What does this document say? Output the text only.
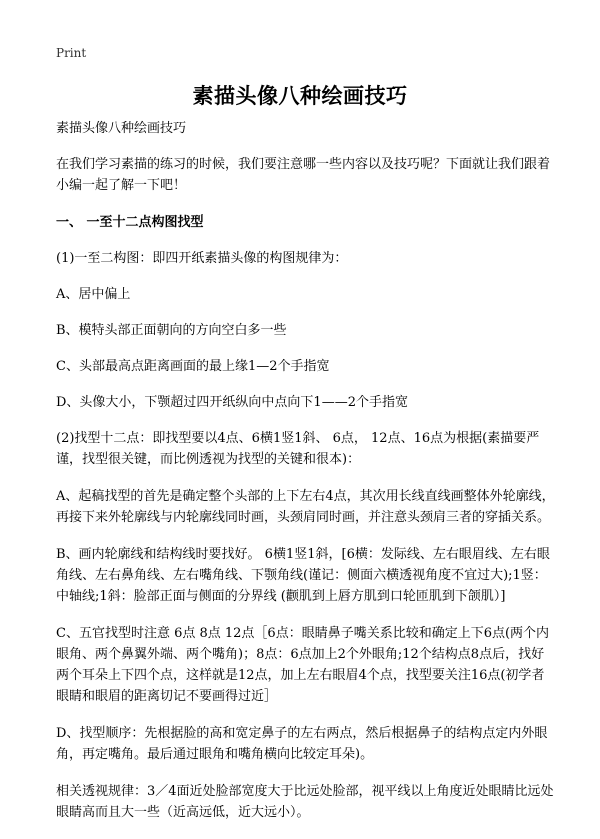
Print
素描头像八种绘画技巧

素描头像八种绘画技巧

在我们学习素描的练习的时候，我们要注意哪一些内容以及技巧呢？下面就让我们跟着小编一起了解一下吧！

一、 一至十二点构图找型

(1)一至二构图：即四开纸素描头像的构图规律为：

A、居中偏上

B、模特头部正面朝向的方向空白多一些

C、头部最高点距离画面的最上缘1—2个手指宽

D、头像大小，下颚超过四开纸纵向中点向下1——2个手指宽

(2)找型十二点：即找型要以4点、6横1竖1斜、 6点， 12点、16点为根据(素描要严谨，找型很关键，而比例透视为找型的关键和很本)：

A、起稿找型的首先是确定整个头部的上下左右4点，其次用长线直线画整体外轮廓线，再接下来外轮廓线与内轮廓线同时画，头颈肩同时画，并注意头颈肩三者的穿插关系。

B、画内轮廓线和结构线时要找好。 6横1竖1斜，[6横：发际线、左右眼眉线、左右眼角线、左右鼻角线、左右嘴角线、下颚角线(谨记：侧面六横透视角度不宜过大);1竖：中轴线;1斜：脸部正面与侧面的分界线 (颧肌到上唇方肌到口轮匝肌到下颌肌）]

C、五官找型时注意 6点 8点 12点［6点：眼睛鼻子嘴关系比较和确定上下6点(两个内眼角、两个鼻翼外端、两个嘴角)；8点：6点加上2个外眼角;12个结构点8点后，找好两个耳朵上下四个点，这样就是12点，加上左右眼眉4个点，找型要关注16点(初学者眼睛和眼眉的距离切记不要画得过近］

D、找型顺序：先根据脸的高和宽定鼻子的左右两点，然后根据鼻子的结构点定内外眼角，再定嘴角。最后通过眼角和嘴角横向比较定耳朵)。

相关透视规律：3／4面近处脸部宽度大于比远处脸部，视平线以上角度近处眼睛比远处眼睛高而且大一些（近高远低，近大远小）。
